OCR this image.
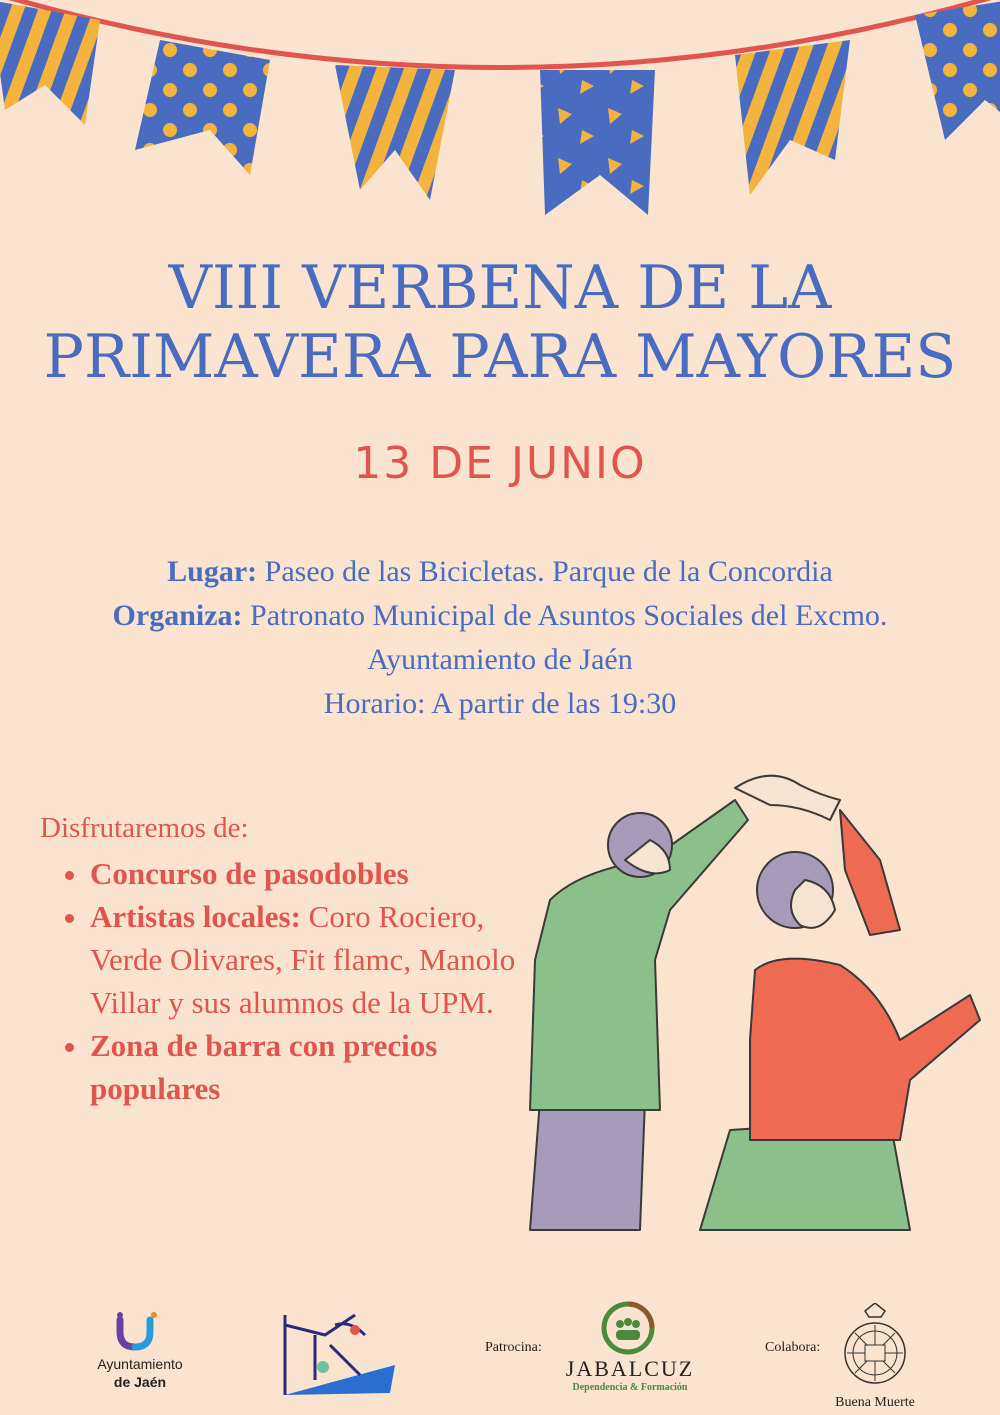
VIII VERBENA DE LA
PRIMAVERA PARA MAYORES
13 DE JUNIO
Lugar: Paseo de las Bicicletas. Parque de la Concordia
Organiza: Patronato Municipal de Asuntos Sociales del Excmo.
Ayuntamiento de Jaén
Horario: A partir de las 19:30
Disfrutaremos de:
• Concurso de pasodobles
• Artistas locales: Coro Rociero, Verde Olivares, Fit flamc, Manolo Villar y sus alumnos de la UPM.
• Zona de barra con precios populares
Ayuntamiento
de Jaén
Patrocina:
JABALCUZ
Dependencia & Formación
Colabora:
Buena Muerte
